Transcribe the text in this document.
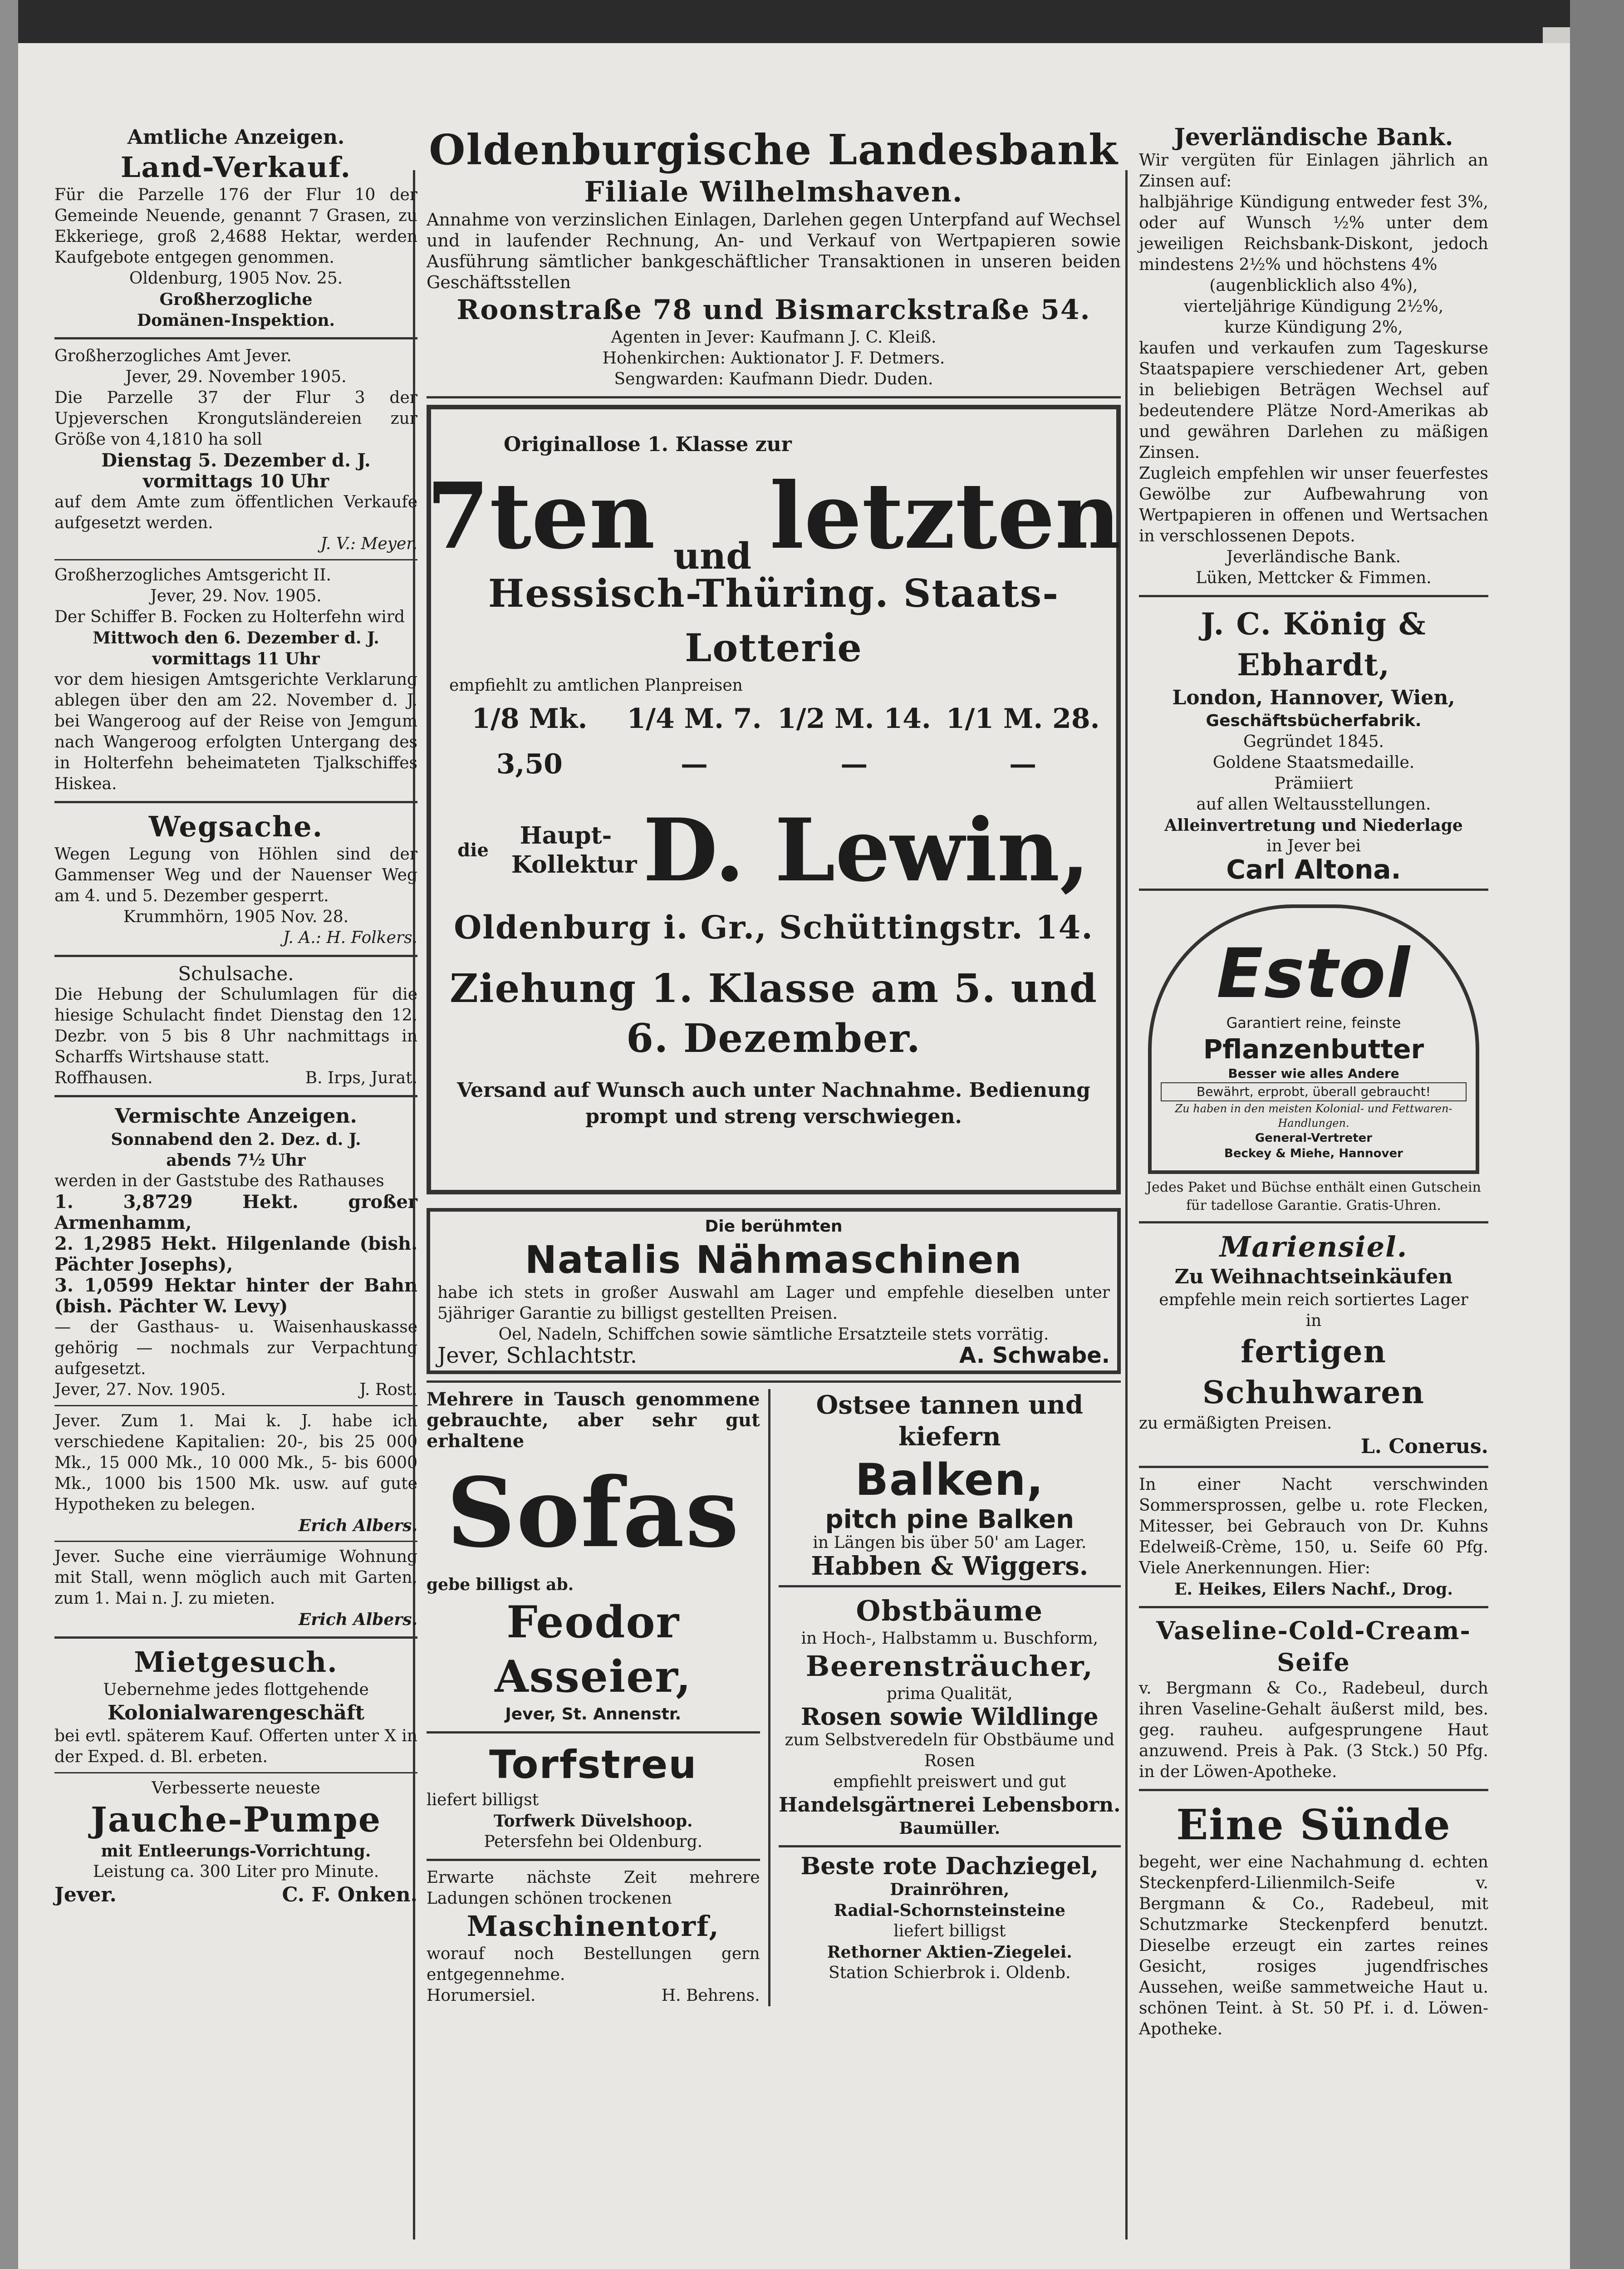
Amtliche Anzeigen.

Land-Verkauf.

Für die Parzelle 176 der Flur 10 der Gemeinde Neuende, genannt 7 Grasen, zu Ekkeriege, groß 2,4688 Hektar, werden Kaufgebote entgegen genommen.

Oldenburg, 1905 Nov. 25.

Großherzogliche

Domänen-Inspektion.

Großherzogliches Amt Jever.

Jever, 29. November 1905.

Die Parzelle 37 der Flur 3 der Upjeverschen Krongutsländereien zur Größe von 4,1810 ha soll

Dienstag 5. Dezember d. J.

vormittags 10 Uhr

auf dem Amte zum öffentlichen Verkaufe aufgesetzt werden.

J. V.: Meyer.

Großherzogliches Amtsgericht II.

Jever, 29. Nov. 1905.

Der Schiffer B. Focken zu Holterfehn wird

Mittwoch den 6. Dezember d. J.

vormittags 11 Uhr

vor dem hiesigen Amtsgerichte Verklarung ablegen über den am 22. November d. J. bei Wangeroog auf der Reise von Jemgum nach Wangeroog erfolgten Untergang des in Holterfehn beheimateten Tjalkschiffes Hiskea.

Wegsache.

Wegen Legung von Höhlen sind der Gammenser Weg und der Nauenser Weg am 4. und 5. Dezember gesperrt.

Krummhörn, 1905 Nov. 28.

J. A.: H. Folkers.

Schulsache.

Die Hebung der Schulumlagen für die hiesige Schulacht findet Dienstag den 12. Dezbr. von 5 bis 8 Uhr nachmittags in Scharffs Wirtshause statt.

Roffhausen.	B. Irps, Jurat.

Vermischte Anzeigen.

Sonnabend den 2. Dez. d. J.

abends 7½ Uhr

werden in der Gaststube des Rathauses

1. 3,8729 Hekt. großer Armenhamm,

2. 1,2985 Hekt. Hilgenlande (bish. Pächter Josephs),

3. 1,0599 Hektar hinter der Bahn (bish. Pächter W. Levy)

— der Gasthaus- u. Waisenhauskasse gehörig — nochmals zur Verpachtung aufgesetzt.

Jever, 27. Nov. 1905.	J. Rost.

Jever. Zum 1. Mai k. J. habe ich verschiedene Kapitalien: 20-, bis 25 000 Mk., 15 000 Mk., 10 000 Mk., 5- bis 6000 Mk., 1000 bis 1500 Mk. usw. auf gute Hypotheken zu belegen.

Erich Albers.

Jever. Suche eine vierräumige Wohnung mit Stall, wenn möglich auch mit Garten, zum 1. Mai n. J. zu mieten.

Erich Albers.

Mietgesuch.

Uebernehme jedes flottgehende

Kolonialwarengeschäft

bei evtl. späterem Kauf. Offerten unter X in der Exped. d. Bl. erbeten.

Verbesserte neueste

Jauche-Pumpe

mit Entleerungs-Vorrichtung.

Leistung ca. 300 Liter pro Minute.

Jever.	C. F. Onken.

Oldenburgische Landesbank

Filiale Wilhelmshaven.

Annahme von verzinslichen Einlagen, Darlehen gegen Unterpfand auf Wechsel und in laufender Rechnung, An- und Verkauf von Wertpapieren sowie Ausführung sämtlicher bankgeschäftlicher Transaktionen in unseren beiden Geschäftsstellen

Roonstraße 78 und Bismarckstraße 54.

Agenten in Jever: Kaufmann J. C. Kleiß.

Hohenkirchen: Auktionator J. F. Detmers.

Sengwarden: Kaufmann Diedr. Duden.

Originallose 1. Klasse zur

7ten und letzten

Hessisch-Thüring. Staats-Lotterie

empfiehlt zu amtlichen Planpreisen

1/8 Mk. 3,50
1/4 M. 7.—
1/2 M. 14.—
1/1 M. 28.—
die
Haupt-Kollektur D. Lewin,

Oldenburg i. Gr., Schüttingstr. 14.

Ziehung 1. Klasse am 5. und

6. Dezember.

Versand auf Wunsch auch unter Nachnahme. Bedienung prompt und streng verschwiegen.

Die berühmten

Natalis Nähmaschinen

habe ich stets in großer Auswahl am Lager und empfehle dieselben unter 5jähriger Garantie zu billigst gestellten Preisen.

Oel, Nadeln, Schiffchen sowie sämtliche Ersatzteile stets vorrätig.

Jever, Schlachtstr.	A. Schwabe.

Mehrere in Tausch genommene gebrauchte, aber sehr gut erhaltene

Sofas

gebe billigst ab.

Feodor Asseier,

Jever, St. Annenstr.

Torfstreu

liefert billigst

Torfwerk Düvelshoop.

Petersfehn bei Oldenburg.

Erwarte nächste Zeit mehrere Ladungen schönen trockenen

Maschinentorf,

worauf noch Bestellungen gern entgegennehme.

Horumersiel.	H. Behrens.

Ostsee tannen und kiefern

Balken,

pitch pine Balken

in Längen bis über 50' am Lager.

Habben & Wiggers.

Obstbäume

in Hoch-, Halbstamm u. Buschform,

Beerensträucher,

prima Qualität,

Rosen sowie Wildlinge

zum Selbstveredeln für Obstbäume und Rosen

empfiehlt preiswert und gut

Handelsgärtnerei Lebensborn.

Baumüller.

Beste rote Dachziegel,

Drainröhren,

Radial-Schornsteinsteine

liefert billigst

Rethorner Aktien-Ziegelei.

Station Schierbrok i. Oldenb.

Jeverländische Bank.

Wir vergüten für Einlagen jährlich an Zinsen auf:

halbjährige Kündigung entweder fest 3%, oder auf Wunsch ½% unter dem jeweiligen Reichsbank-Diskont, jedoch mindestens 2½% und höchstens 4%

(augenblicklich also 4%),

vierteljährige Kündigung 2½%,

kurze Kündigung 2%,

kaufen und verkaufen zum Tageskurse Staatspapiere verschiedener Art, geben in beliebigen Beträgen Wechsel auf bedeutendere Plätze Nord-Amerikas ab und gewähren Darlehen zu mäßigen Zinsen.

Zugleich empfehlen wir unser feuerfestes Gewölbe zur Aufbewahrung von Wertpapieren in offenen und Wertsachen in verschlossenen Depots.

Jeverländische Bank.

Lüken, Mettcker & Fimmen.

J. C. König & Ebhardt,

London, Hannover, Wien,

Geschäftsbücherfabrik.

Gegründet 1845.

Goldene Staatsmedaille.

Prämiiert

auf allen Weltausstellungen.

Alleinvertretung und Niederlage

in Jever bei

Carl Altona.

Estol

Garantiert reine, feinste

Pflanzenbutter

Besser wie alles Andere

Bewährt, erprobt, überall gebraucht!

Zu haben in den meisten Kolonial- und Fettwaren-Handlungen.

General-Vertreter

Beckey & Miehe, Hannover

Jedes Paket und Büchse enthält einen Gutschein für tadellose Garantie. Gratis-Uhren.

Mariensiel.

Zu Weihnachtseinkäufen

empfehle mein reich sortiertes Lager

in

fertigen Schuhwaren

zu ermäßigten Preisen.

L. Conerus.

In einer Nacht verschwinden Sommersprossen, gelbe u. rote Flecken, Mitesser, bei Gebrauch von Dr. Kuhns Edelweiß-Crème, 150, u. Seife 60 Pfg. Viele Anerkennungen. Hier:

E. Heikes, Eilers Nachf., Drog.

Vaseline-Cold-Cream-Seife

v. Bergmann & Co., Radebeul, durch ihren Vaseline-Gehalt äußerst mild, bes. geg. rauheu. aufgesprungene Haut anzuwend. Preis à Pak. (3 Stck.) 50 Pfg. in der Löwen-Apotheke.

Eine Sünde

begeht, wer eine Nachahmung d. echten Steckenpferd-Lilienmilch-Seife v. Bergmann & Co., Radebeul, mit Schutzmarke Steckenpferd benutzt. Dieselbe erzeugt ein zartes reines Gesicht, rosiges jugendfrisches Aussehen, weiße sammetweiche Haut u. schönen Teint. à St. 50 Pf. i. d. Löwen-Apotheke.
